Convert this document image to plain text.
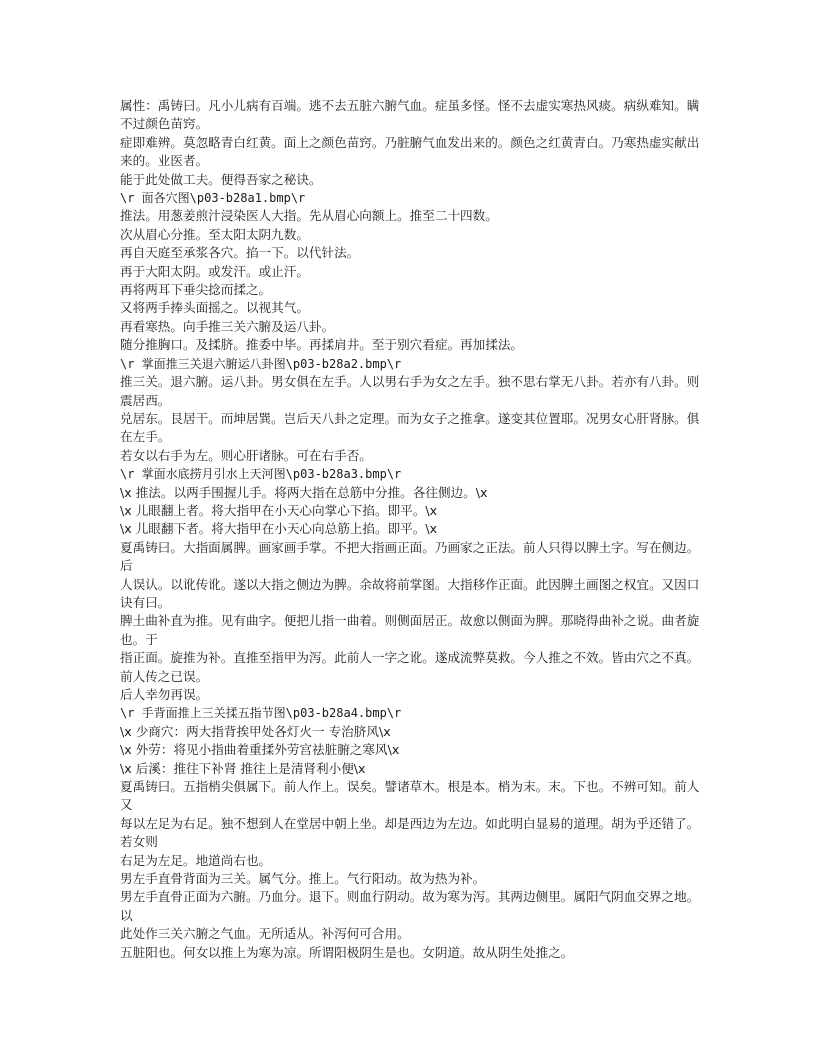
属性：禹铸曰。凡小儿病有百端。逃不去五脏六腑气血。症虽多怪。怪不去虚实寒热风痰。病纵难知。瞒不过颜色苗窍。

症即难辨。莫忽略青白红黄。面上之颜色苗窍。乃脏腑气血发出来的。颜色之红黄青白。乃寒热虚实献出来的。业医者。

能于此处做工夫。便得吾家之秘诀。

\r 面各穴图\p03-b28a1.bmp\r

推法。用葱姜煎汁浸染医人大指。先从眉心向额上。推至二十四数。

次从眉心分推。至太阳太阴九数。

再自天庭至承浆各穴。掐一下。以代针法。

再于大阳太阴。或发汗。或止汗。

再将两耳下垂尖捻而揉之。

又将两手捧头面摇之。以视其气。

再看寒热。向手推三关六腑及运八卦。

随分推胸口。及揉脐。推委中毕。再揉肩井。至于别穴看症。再加揉法。

\r 掌面推三关退六腑运八卦图\p03-b28a2.bmp\r

推三关。退六腑。运八卦。男女俱在左手。人以男右手为女之左手。独不思右掌无八卦。若亦有八卦。则震居西。

兑居东。艮居干。而坤居巽。岂后天八卦之定理。而为女子之推拿。遂变其位置耶。况男女心肝肾脉。俱在左手。

若女以右手为左。则心肝诸脉。可在右手否。

\r 掌面水底捞月引水上天河图\p03-b28a3.bmp\r

\x 推法。以两手围握儿手。将两大指在总筋中分推。各往侧边。\x

\x 儿眼翻上者。将大指甲在小天心向掌心下掐。即平。\x

\x 儿眼翻下者。将大指甲在小天心向总筋上掐。即平。\x

夏禹铸曰。大指面属脾。画家画手掌。不把大指画正面。乃画家之正法。前人只得以脾土字。写在侧边。后

人误认。以讹传讹。遂以大指之侧边为脾。余故将前掌图。大指移作正面。此因脾土画图之权宜。又因口诀有曰。

脾土曲补直为推。见有曲字。便把儿指一曲着。则侧面居正。故愈以侧面为脾。那晓得曲补之说。曲者旋也。于

指正面。旋推为补。直推至指甲为泻。此前人一字之讹。遂成流弊莫救。今人推之不效。皆由穴之不真。前人传之已误。

后人幸勿再误。

\r 手背面推上三关揉五指节图\p03-b28a4.bmp\r

\x 少商穴：两大指背挨甲处各灯火一 专治脐风\x

\x 外劳：将见小指曲着重揉外劳宫祛脏腑之寒风\x

\x 后溪：推往下补肾 推往上是清肾利小便\x

夏禹铸曰。五指梢尖俱属下。前人作上。误矣。譬诸草木。根是本。梢为末。末。下也。不辨可知。前人又

每以左足为右足。独不想到人在堂居中朝上坐。却是西边为左边。如此明白显易的道理。胡为乎还错了。若女则

右足为左足。地道尚右也。

男左手直骨背面为三关。属气分。推上。气行阳动。故为热为补。

男左手直骨正面为六腑。乃血分。退下。则血行阴动。故为寒为泻。其两边侧里。属阳气阴血交界之地。以

此处作三关六腑之气血。无所适从。补泻何可合用。

五脏阳也。何女以推上为寒为凉。所谓阳极阴生是也。女阴道。故从阴生处推之。
